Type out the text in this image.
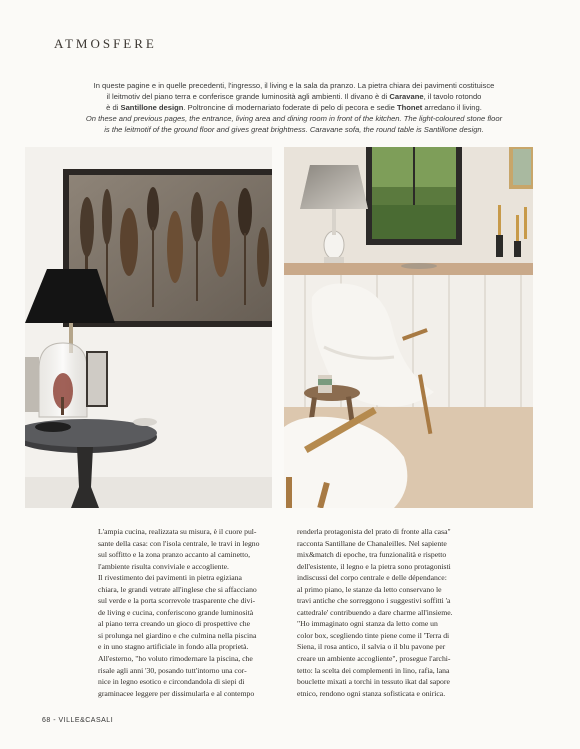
ATMOSFERE
In queste pagine e in quelle precedenti, l'ingresso, il living e la sala da pranzo. La pietra chiara dei pavimenti costituisce
il leitmotiv del piano terra e conferisce grande luminosità agli ambienti. Il divano è di Caravane, il tavolo rotondo
è di Santillone design. Poltroncine di modernariato foderate di pelo di pecora e sedie Thonet arredano il living.
On these and previous pages, the entrance, living area and dining room in front of the kitchen. The light-coloured stone floor
is the leitmotif of the ground floor and gives great brightness. Caravane sofa, the round table is Santillone design.
L'ampia cucina, realizzata su misura, è il cuore pul-
sante della casa: con l'isola centrale, le travi in legno
sul soffitto e la zona pranzo accanto al caminetto,
l'ambiente risulta conviviale e accogliente.
Il rivestimento dei pavimenti in pietra egiziana
chiara, le grandi vetrate all'inglese che si affacciano
sul verde e la porta scorrevole trasparente che divi-
de living e cucina, conferiscono grande luminosità
al piano terra creando un gioco di prospettive che
si prolunga nel giardino e che culmina nella piscina
e in uno stagno artificiale in fondo alla proprietà.
All'esterno, "ho voluto rimodernare la piscina, che
risale agli anni '30, posando tutt'intorno una cor-
nice in legno esotico e circondandola di siepi di
graminacee leggere per dissimularla e al contempo
renderla protagonista del prato di fronte alla casa"
racconta Santillane de Chanaleilles. Nel sapiente
mix&match di epoche, tra funzionalità e rispetto
dell'esistente, il legno e la pietra sono protagonisti
indiscussi del corpo centrale e delle dépendance:
al primo piano, le stanze da letto conservano le
travi antiche che sorreggono i suggestivi soffitti 'a
cattedrale' contribuendo a dare charme all'insieme.
"Ho immaginato ogni stanza da letto come un
color box, scegliendo tinte piene come il 'Terra di
Siena, il rosa antico, il salvia o il blu pavone per
creare un ambiente accogliente", prosegue l'archi-
tetto: la scelta dei complementi in lino, rafia, lana
bouclette mixati a torchi in tessuto ikat dal sapore
etnico, rendono ogni stanza sofisticata e onirica.
68 - VILLE&CASALI
